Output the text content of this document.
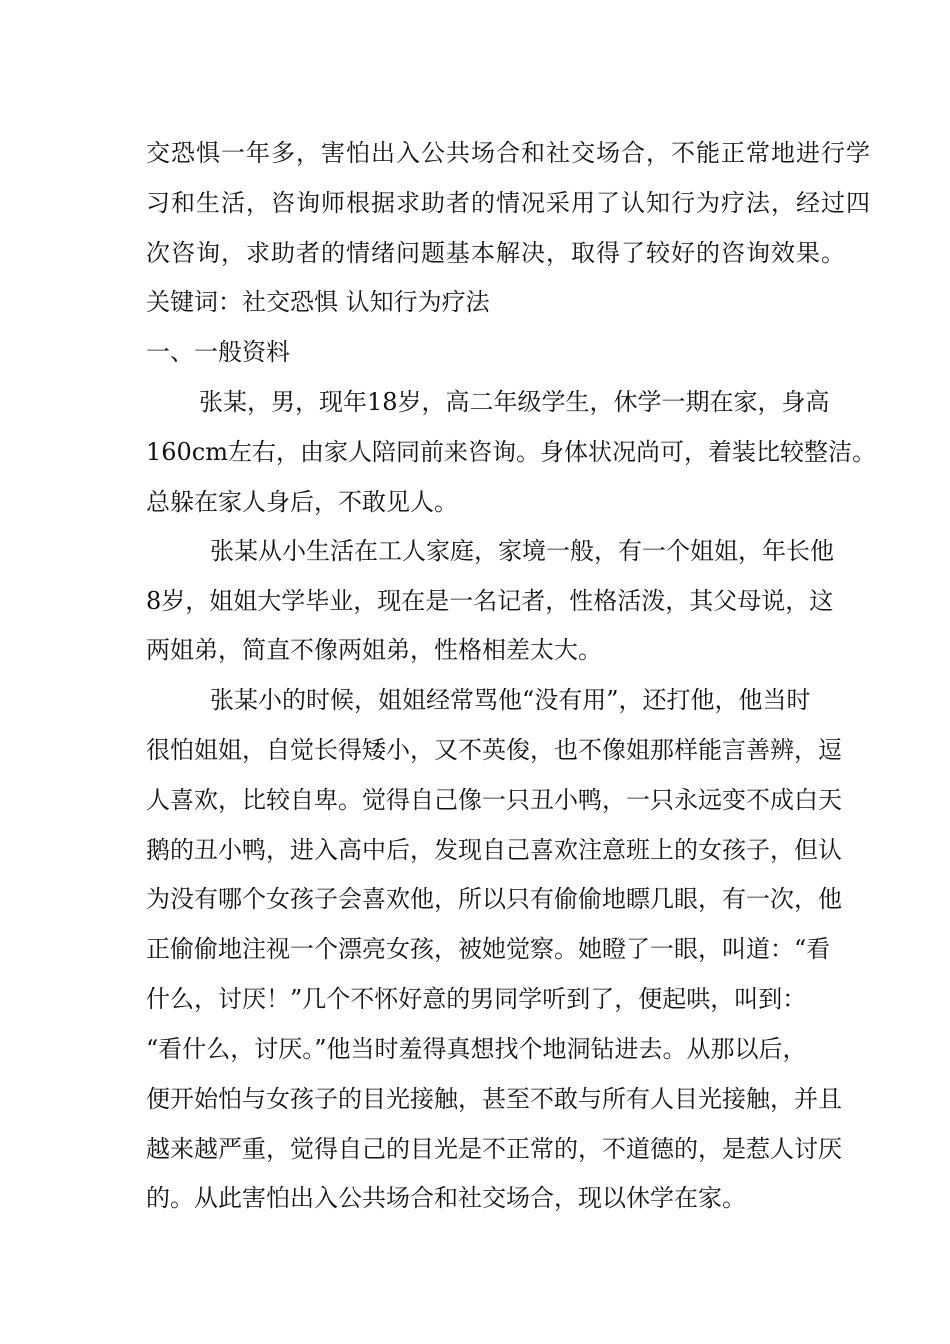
交恐惧一年多，害怕出入公共场合和社交场合，不能正常地进行学
习和生活，咨询师根据求助者的情况采用了认知行为疗法，经过四
次咨询，求助者的情绪问题基本解决，取得了较好的咨询效果。
关键词：社交恐惧 认知行为疗法
一、一般资料
张某，男，现年18岁，高二年级学生，休学一期在家，身高
160cm左右，由家人陪同前来咨询。身体状况尚可，着装比较整洁。
总躲在家人身后，不敢见人。
张某从小生活在工人家庭，家境一般，有一个姐姐，年长他
8岁，姐姐大学毕业，现在是一名记者，性格活泼，其父母说，这
两姐弟，简直不像两姐弟，性格相差太大。
张某小的时候，姐姐经常骂他“没有用”，还打他，他当时
很怕姐姐，自觉长得矮小，又不英俊，也不像姐那样能言善辨，逗
人喜欢，比较自卑。觉得自己像一只丑小鸭，一只永远变不成白天
鹅的丑小鸭，进入高中后，发现自己喜欢注意班上的女孩子，但认
为没有哪个女孩子会喜欢他，所以只有偷偷地瞟几眼，有一次，他
正偷偷地注视一个漂亮女孩，被她觉察。她瞪了一眼，叫道：“看
什么，讨厌！”几个不怀好意的男同学听到了，便起哄，叫到：
“看什么，讨厌。”他当时羞得真想找个地洞钻进去。从那以后，
便开始怕与女孩子的目光接触，甚至不敢与所有人目光接触，并且
越来越严重，觉得自己的目光是不正常的，不道德的，是惹人讨厌
的。从此害怕出入公共场合和社交场合，现以休学在家。
